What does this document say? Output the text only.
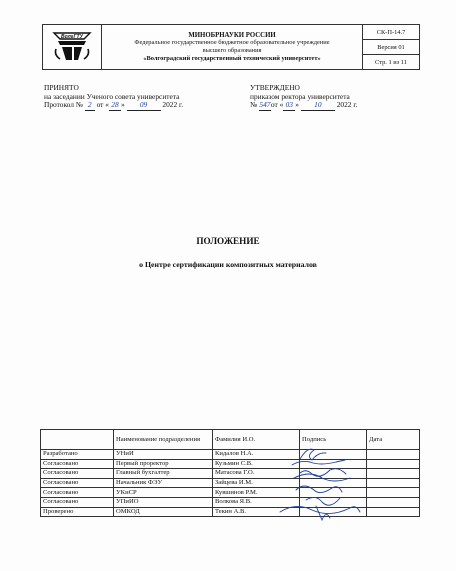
ВолгГТУ	МИНОБРНАУКИ РОССИИ
Федеральное государственное бюджетное образовательное учреждение
высшего образования
«Волгоградский государственный технический университет»
	СК-П-14.7
Версия 01
Стр. 1 из 11
ПРИНЯТО
на заседании Ученого совета университета
Протокол № 2 от « 28 » 09 2022 г.
УТВЕРЖДЕНО
приказом ректора университета
№ 547от « 03 » 10 2022 г.
ПОЛОЖЕНИЕ
о Центре сертификации композитных материалов
	Наименование подразделения	Фамилия И.О.	Подпись	Дата
Разработано	УНиИ	Кидалов Н.А.		
Согласовано	Первый проректор	Кузьмин С.В.		
Согласовано	Главный бухгалтер	Матасова Г.О.		
Согласовано	Начальник ФЭУ	Зайцева И.М.		
Согласовано	УКиСР	Кувшинов Р.М.		
Согласовано	УПиИО	Волкова Я.В.		
Проверено	ОМКОД	Текин А.В.		
